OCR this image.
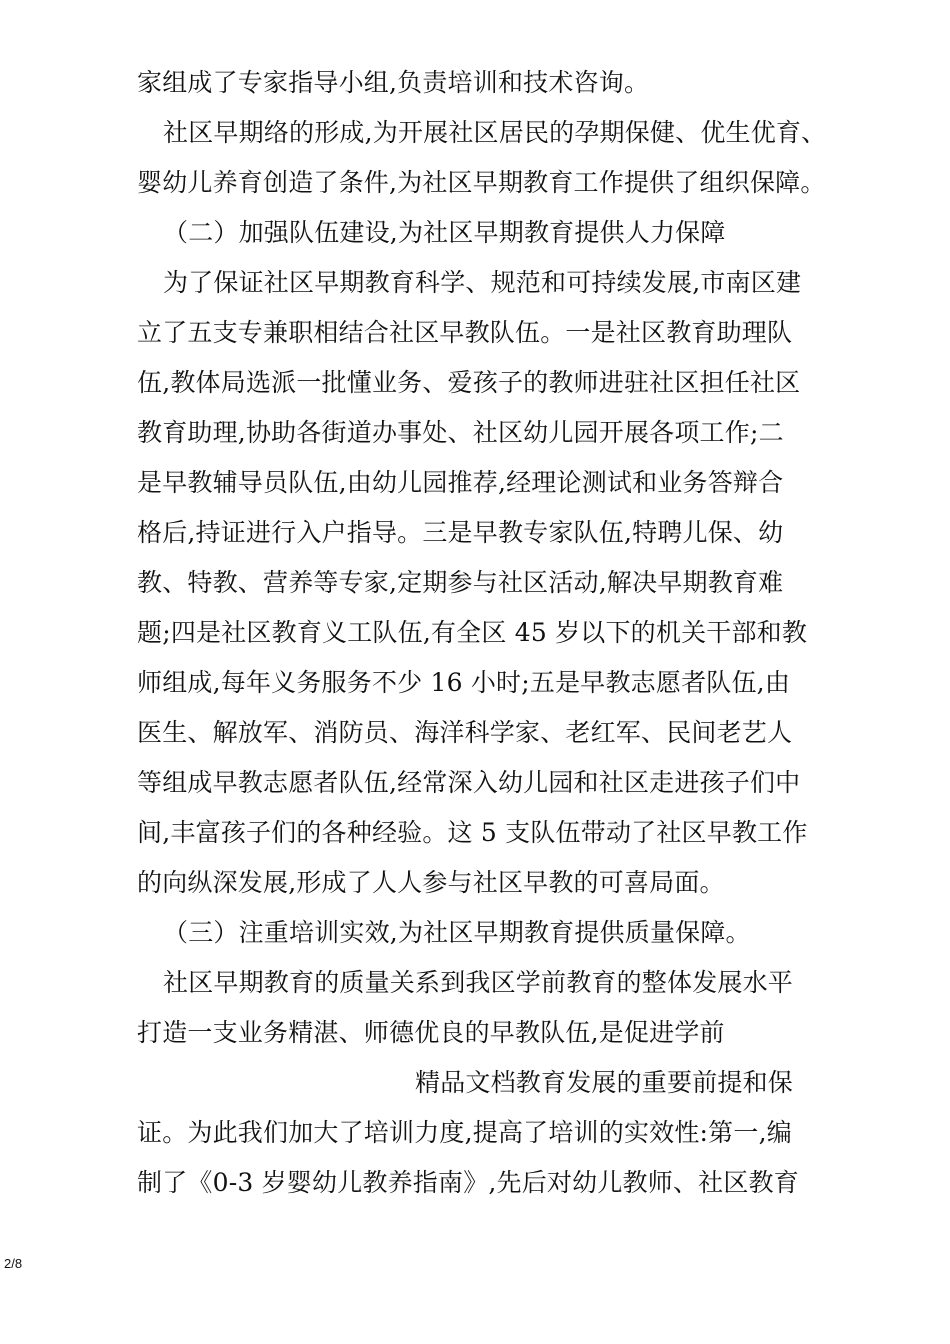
家组成了专家指导小组,负责培训和技术咨询。
社区早期络的形成,为开展社区居民的孕期保健、优生优育、
婴幼儿养育创造了条件,为社区早期教育工作提供了组织保障。
（二）加强队伍建设,为社区早期教育提供人力保障
为了保证社区早期教育科学、规范和可持续发展,市南区建
立了五支专兼职相结合社区早教队伍。一是社区教育助理队
伍,教体局选派一批懂业务、爱孩子的教师进驻社区担任社区
教育助理,协助各街道办事处、社区幼儿园开展各项工作;二
是早教辅导员队伍,由幼儿园推荐,经理论测试和业务答辩合
格后,持证进行入户指导。三是早教专家队伍,特聘儿保、幼
教、特教、营养等专家,定期参与社区活动,解决早期教育难
题;四是社区教育义工队伍,有全区 45 岁以下的机关干部和教
师组成,每年义务服务不少 16 小时;五是早教志愿者队伍,由
医生、解放军、消防员、海洋科学家、老红军、民间老艺人
等组成早教志愿者队伍,经常深入幼儿园和社区走进孩子们中
间,丰富孩子们的各种经验。这 5 支队伍带动了社区早教工作
的向纵深发展,形成了人人参与社区早教的可喜局面。
（三）注重培训实效,为社区早期教育提供质量保障。
社区早期教育的质量关系到我区学前教育的整体发展水平
打造一支业务精湛、师德优良的早教队伍,是促进学前
精品文档教育发展的重要前提和保
证。为此我们加大了培训力度,提高了培训的实效性:第一,编
制了《0-3 岁婴幼儿教养指南》,先后对幼儿教师、社区教育
2/8
